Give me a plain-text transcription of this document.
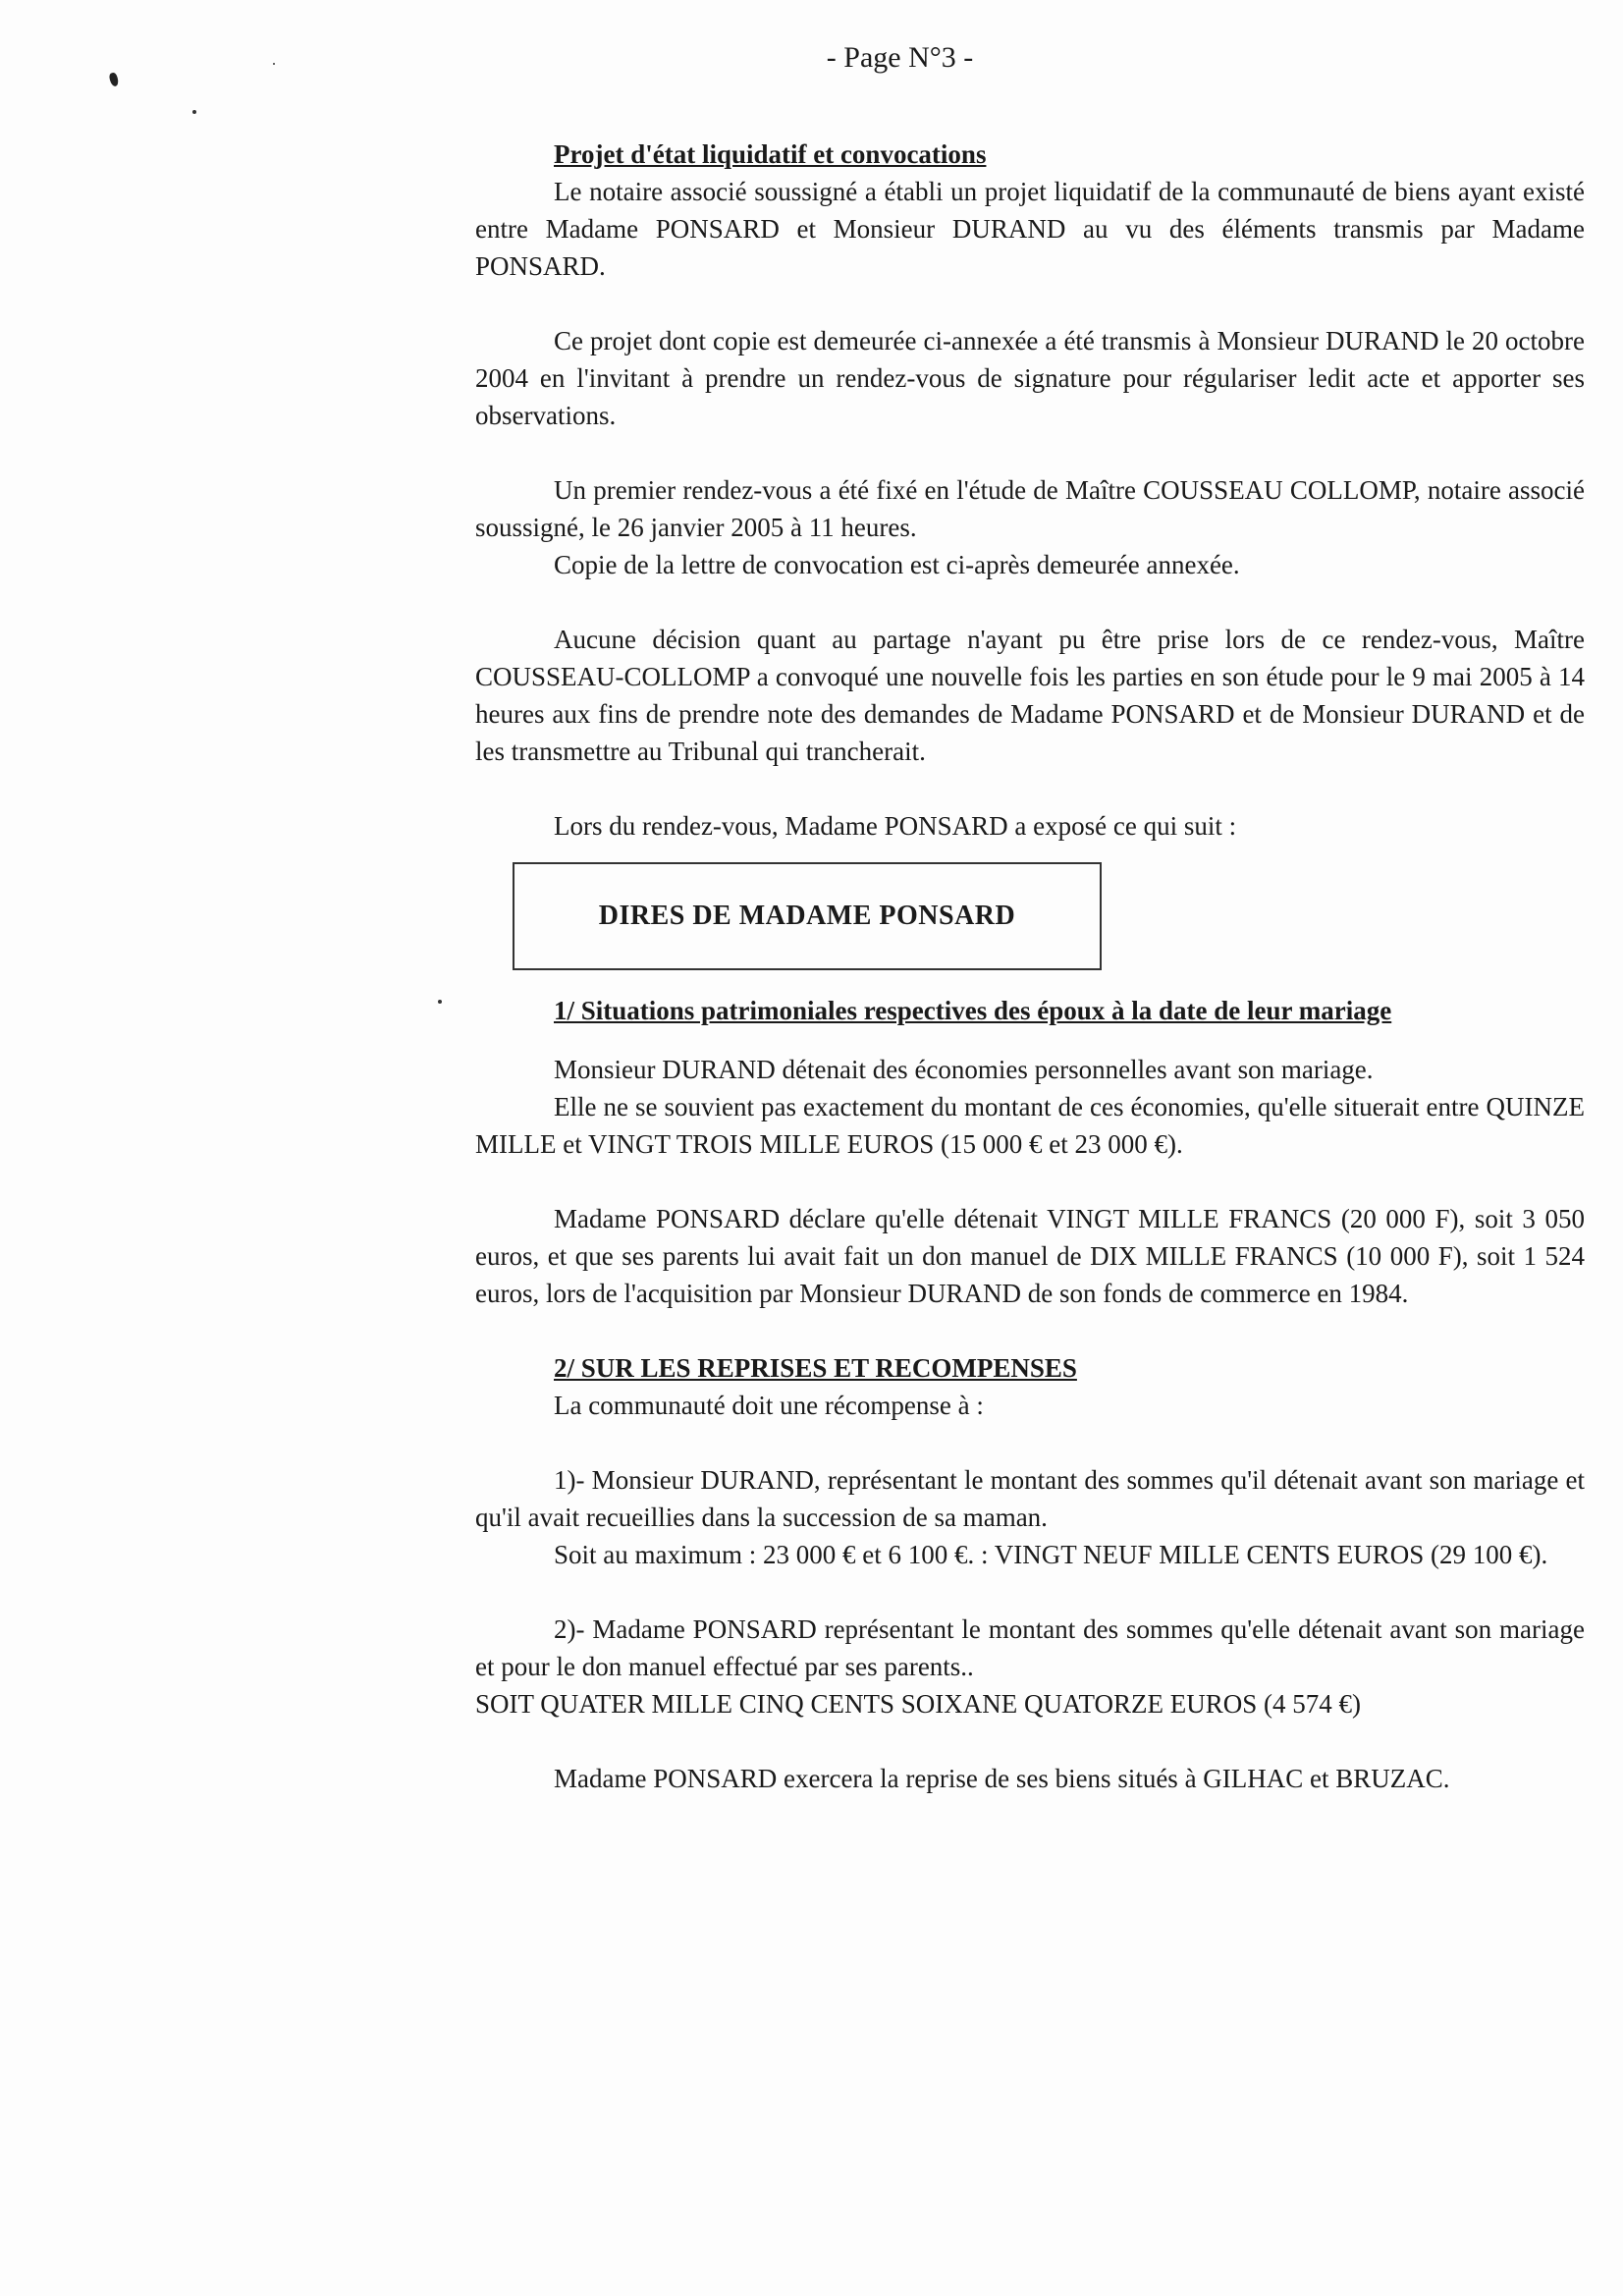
- Page N°3 -

Projet d'état liquidatif et convocations

Le notaire associé soussigné a établi un projet liquidatif de la communauté de biens ayant existé entre Madame PONSARD et Monsieur DURAND au vu des éléments transmis par Madame PONSARD.

Ce projet dont copie est demeurée ci-annexée a été transmis à Monsieur DURAND le 20 octobre 2004 en l'invitant à prendre un rendez-vous de signature pour régulariser ledit acte et apporter ses observations.

Un premier rendez-vous a été fixé en l'étude de Maître COUSSEAU COLLOMP, notaire associé soussigné, le 26 janvier 2005 à 11 heures.

Copie de la lettre de convocation est ci-après demeurée annexée.

Aucune décision quant au partage n'ayant pu être prise lors de ce rendez-vous, Maître COUSSEAU-COLLOMP a convoqué une nouvelle fois les parties en son étude pour le 9 mai 2005 à 14 heures aux fins de prendre note des demandes de Madame PONSARD et de Monsieur DURAND et de les transmettre au Tribunal qui trancherait.

Lors du rendez-vous, Madame PONSARD a exposé ce qui suit :

DIRES DE MADAME PONSARD

1/ Situations patrimoniales respectives des époux à la date de leur mariage

Monsieur DURAND détenait des économies personnelles avant son mariage.

Elle ne se souvient pas exactement du montant de ces économies, qu'elle situerait entre QUINZE MILLE et VINGT TROIS MILLE EUROS (15 000 € et 23 000 €).

Madame PONSARD déclare qu'elle détenait VINGT MILLE FRANCS (20 000 F), soit 3 050 euros, et que ses parents lui avait fait un don manuel de DIX MILLE FRANCS (10 000 F), soit 1 524 euros, lors de l'acquisition par Monsieur DURAND de son fonds de commerce en 1984.

2/ SUR LES REPRISES ET RECOMPENSES

La communauté doit une récompense à :

1)- Monsieur DURAND, représentant le montant des sommes qu'il détenait avant son mariage et qu'il avait recueillies dans la succession de sa maman.

Soit au maximum : 23 000 € et 6 100 €. : VINGT NEUF MILLE CENTS EUROS (29 100 €).

2)- Madame PONSARD représentant le montant des sommes qu'elle détenait avant son mariage et pour le don manuel effectué par ses parents..

SOIT QUATER MILLE CINQ CENTS SOIXANE QUATORZE EUROS (4 574 €)

Madame PONSARD exercera la reprise de ses biens situés à GILHAC et BRUZAC.
